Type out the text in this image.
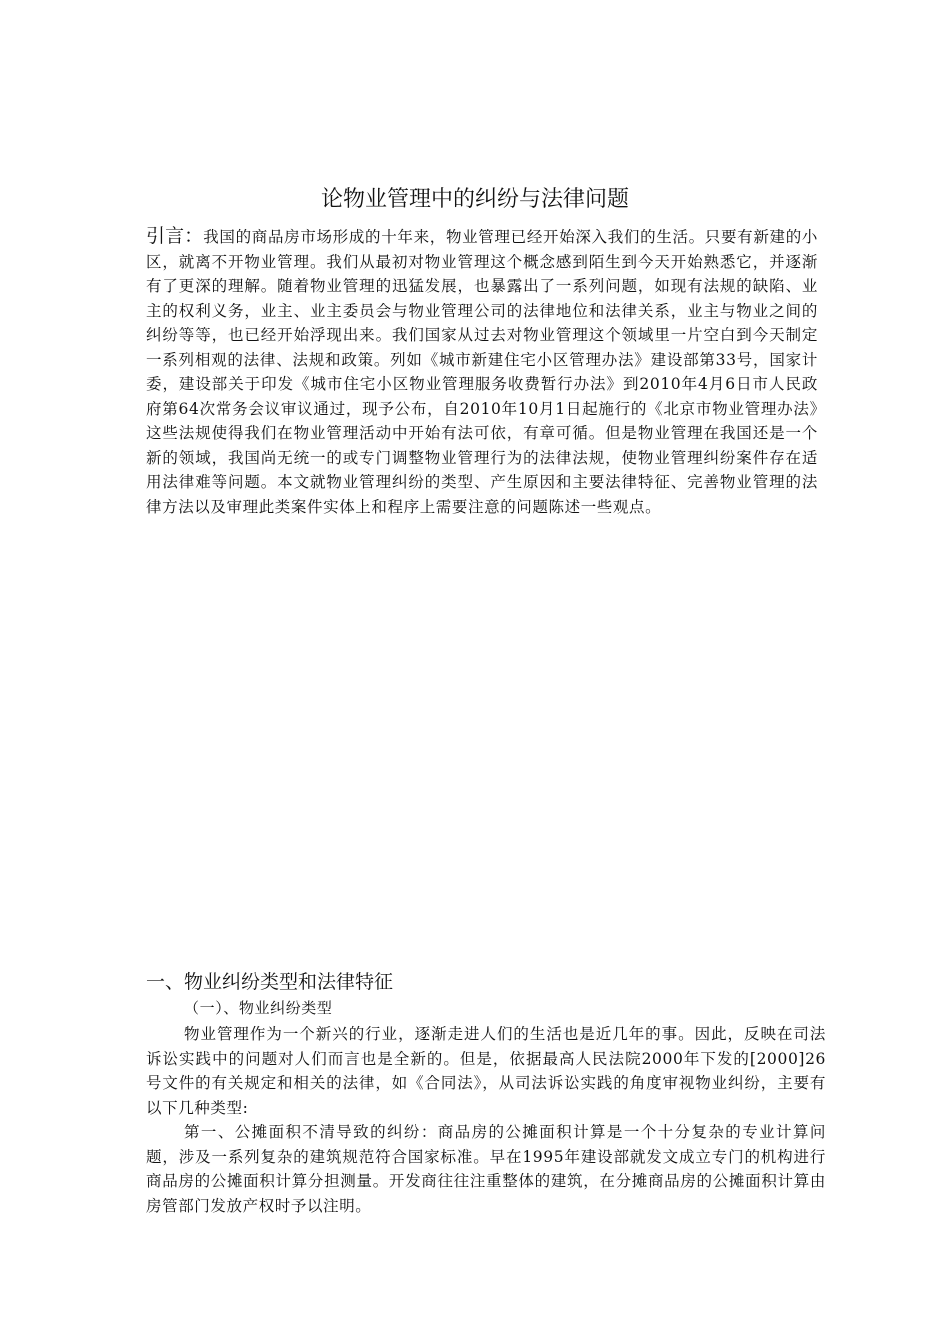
论物业管理中的纠纷与法律问题

引言：我国的商品房市场形成的十年来，物业管理已经开始深入我们的生活。只要有新建的小区，就离不开物业管理。我们从最初对物业管理这个概念感到陌生到今天开始熟悉它，并逐渐有了更深的理解。随着物业管理的迅猛发展，也暴露出了一系列问题，如现有法规的缺陷、业主的权利义务，业主、业主委员会与物业管理公司的法律地位和法律关系，业主与物业之间的纠纷等等，也已经开始浮现出来。我们国家从过去对物业管理这个领域里一片空白到今天制定一系列相观的法律、法规和政策。列如《城市新建住宅小区管理办法》建设部第33号，国家计委，建设部关于印发《城市住宅小区物业管理服务收费暂行办法》到2010年4月6日市人民政府第64次常务会议审议通过，现予公布，自2010年10月1日起施行的《北京市物业管理办法》这些法规使得我们在物业管理活动中开始有法可依，有章可循。但是物业管理在我国还是一个新的领域，我国尚无统一的或专门调整物业管理行为的法律法规，使物业管理纠纷案件存在适用法律难等问题。本文就物业管理纠纷的类型、产生原因和主要法律特征、完善物业管理的法律方法以及审理此类案件实体上和程序上需要注意的问题陈述一些观点。

一、物业纠纷类型和法律特征

（一）、物业纠纷类型

物业管理作为一个新兴的行业，逐渐走进人们的生活也是近几年的事。因此，反映在司法诉讼实践中的问题对人们而言也是全新的。但是，依据最高人民法院2000年下发的[2000]26号文件的有关规定和相关的法律，如《合同法》，从司法诉讼实践的角度审视物业纠纷，主要有以下几种类型:

第一、公摊面积不清导致的纠纷：商品房的公摊面积计算是一个十分复杂的专业计算问题，涉及一系列复杂的建筑规范符合国家标准。早在1995年建设部就发文成立专门的机构进行商品房的公摊面积计算分担测量。开发商往往注重整体的建筑，在分摊商品房的公摊面积计算由房管部门发放产权时予以注明。
